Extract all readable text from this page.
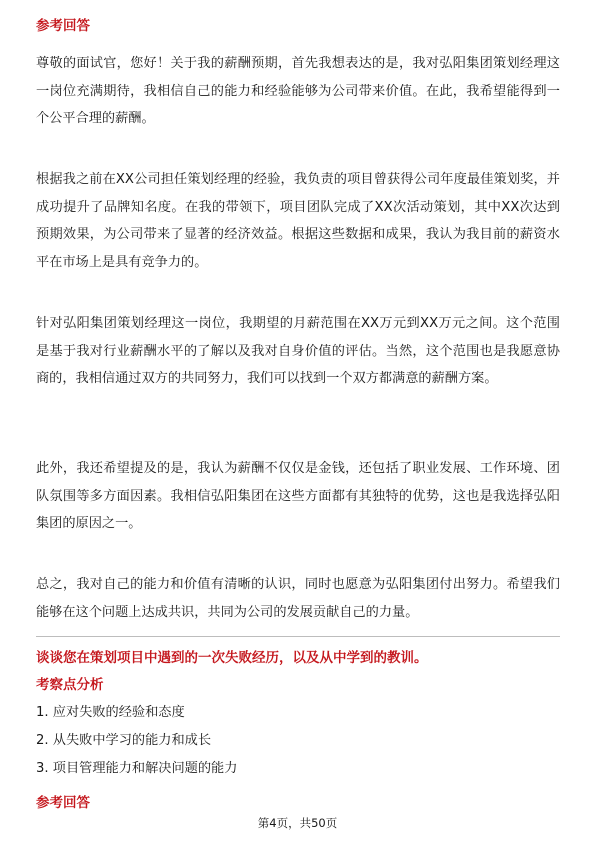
参考回答
尊敬的面试官，您好！关于我的薪酬预期，首先我想表达的是，我对弘阳集团策划经理这一岗位充满期待，我相信自己的能力和经验能够为公司带来价值。在此，我希望能得到一个公平合理的薪酬。
根据我之前在XX公司担任策划经理的经验，我负责的项目曾获得公司年度最佳策划奖，并成功提升了品牌知名度。在我的带领下，项目团队完成了XX次活动策划，其中XX次达到预期效果，为公司带来了显著的经济效益。根据这些数据和成果，我认为我目前的薪资水平在市场上是具有竞争力的。
针对弘阳集团策划经理这一岗位，我期望的月薪范围在XX万元到XX万元之间。这个范围是基于我对行业薪酬水平的了解以及我对自身价值的评估。当然，这个范围也是我愿意协商的，我相信通过双方的共同努力，我们可以找到一个双方都满意的薪酬方案。
此外，我还希望提及的是，我认为薪酬不仅仅是金钱，还包括了职业发展、工作环境、团队氛围等多方面因素。我相信弘阳集团在这些方面都有其独特的优势，这也是我选择弘阳集团的原因之一。
总之，我对自己的能力和价值有清晰的认识，同时也愿意为弘阳集团付出努力。希望我们能够在这个问题上达成共识，共同为公司的发展贡献自己的力量。
谈谈您在策划项目中遇到的一次失败经历，以及从中学到的教训。
考察点分析
1. 应对失败的经验和态度
2. 从失败中学习的能力和成长
3. 项目管理能力和解决问题的能力
参考回答
第4页，共50页
